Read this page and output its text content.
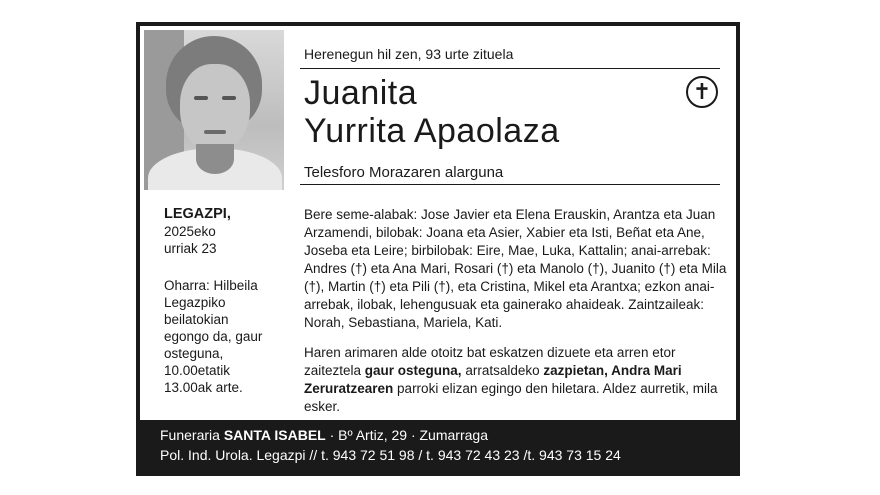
Herenegun hil zen, 93 urte zituela
Juanita
Yurrita Apaolaza
✝
Telesforo Morazaren alarguna
LEGAZPI,
2025eko
urriak 23
Oharra: Hilbeila Legazpiko beilatokian egongo da, gaur osteguna, 10.00etatik 13.00ak arte.

Bere seme-alabak: Jose Javier eta Elena Erauskin, Arantza eta Juan Arzamendi, bilobak: Joana eta Asier, Xabier eta Isti, Beñat eta Ane, Joseba eta Leire; birbilobak: Eire, Mae, Luka, Kattalin; anai-arrebak: Andres (†) eta Ana Mari, Rosari (†) eta Manolo (†), Juanito (†) eta Mila (†), Martin (†) eta Pili (†), eta Cristina, Mikel eta Arantxa; ezkon anai-arrebak, ilobak, lehengusuak eta gainerako ahaideak. Zaintzaileak: Norah, Sebastiana, Mariela, Kati.

Haren arimaren alde otoitz bat eskatzen dizuete eta arren etor zaiteztela gaur osteguna, arratsaldeko zazpietan, Andra Mari Zeruratzearen parroki elizan egingo den hiletara. Aldez aurretik, mila esker.

Funeraria SANTA ISABEL · Bº Artiz, 29 · Zumarraga
Pol. Ind. Urola. Legazpi // t. 943 72 51 98 / t. 943 72 43 23 /t. 943 73 15 24
